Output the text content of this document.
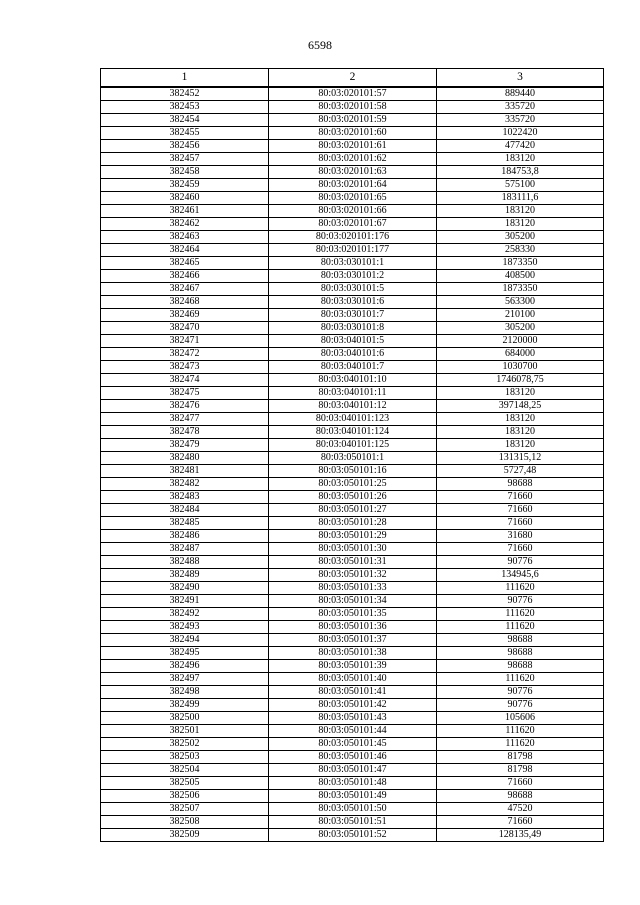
6598
1	2	3
382452	80:03:020101:57	889440
382453	80:03:020101:58	335720
382454	80:03:020101:59	335720
382455	80:03:020101:60	1022420
382456	80:03:020101:61	477420
382457	80:03:020101:62	183120
382458	80:03:020101:63	184753,8
382459	80:03:020101:64	575100
382460	80:03:020101:65	183111,6
382461	80:03:020101:66	183120
382462	80:03:020101:67	183120
382463	80:03:020101:176	305200
382464	80:03:020101:177	258330
382465	80:03:030101:1	1873350
382466	80:03:030101:2	408500
382467	80:03:030101:5	1873350
382468	80:03:030101:6	563300
382469	80:03:030101:7	210100
382470	80:03:030101:8	305200
382471	80:03:040101:5	2120000
382472	80:03:040101:6	684000
382473	80:03:040101:7	1030700
382474	80:03:040101:10	1746078,75
382475	80:03:040101:11	183120
382476	80:03:040101:12	397148,25
382477	80:03:040101:123	183120
382478	80:03:040101:124	183120
382479	80:03:040101:125	183120
382480	80:03:050101:1	131315,12
382481	80:03:050101:16	5727,48
382482	80:03:050101:25	98688
382483	80:03:050101:26	71660
382484	80:03:050101:27	71660
382485	80:03:050101:28	71660
382486	80:03:050101:29	31680
382487	80:03:050101:30	71660
382488	80:03:050101:31	90776
382489	80:03:050101:32	134945,6
382490	80:03:050101:33	111620
382491	80:03:050101:34	90776
382492	80:03:050101:35	111620
382493	80:03:050101:36	111620
382494	80:03:050101:37	98688
382495	80:03:050101:38	98688
382496	80:03:050101:39	98688
382497	80:03:050101:40	111620
382498	80:03:050101:41	90776
382499	80:03:050101:42	90776
382500	80:03:050101:43	105606
382501	80:03:050101:44	111620
382502	80:03:050101:45	111620
382503	80:03:050101:46	81798
382504	80:03:050101:47	81798
382505	80:03:050101:48	71660
382506	80:03:050101:49	98688
382507	80:03:050101:50	47520
382508	80:03:050101:51	71660
382509	80:03:050101:52	128135,49
